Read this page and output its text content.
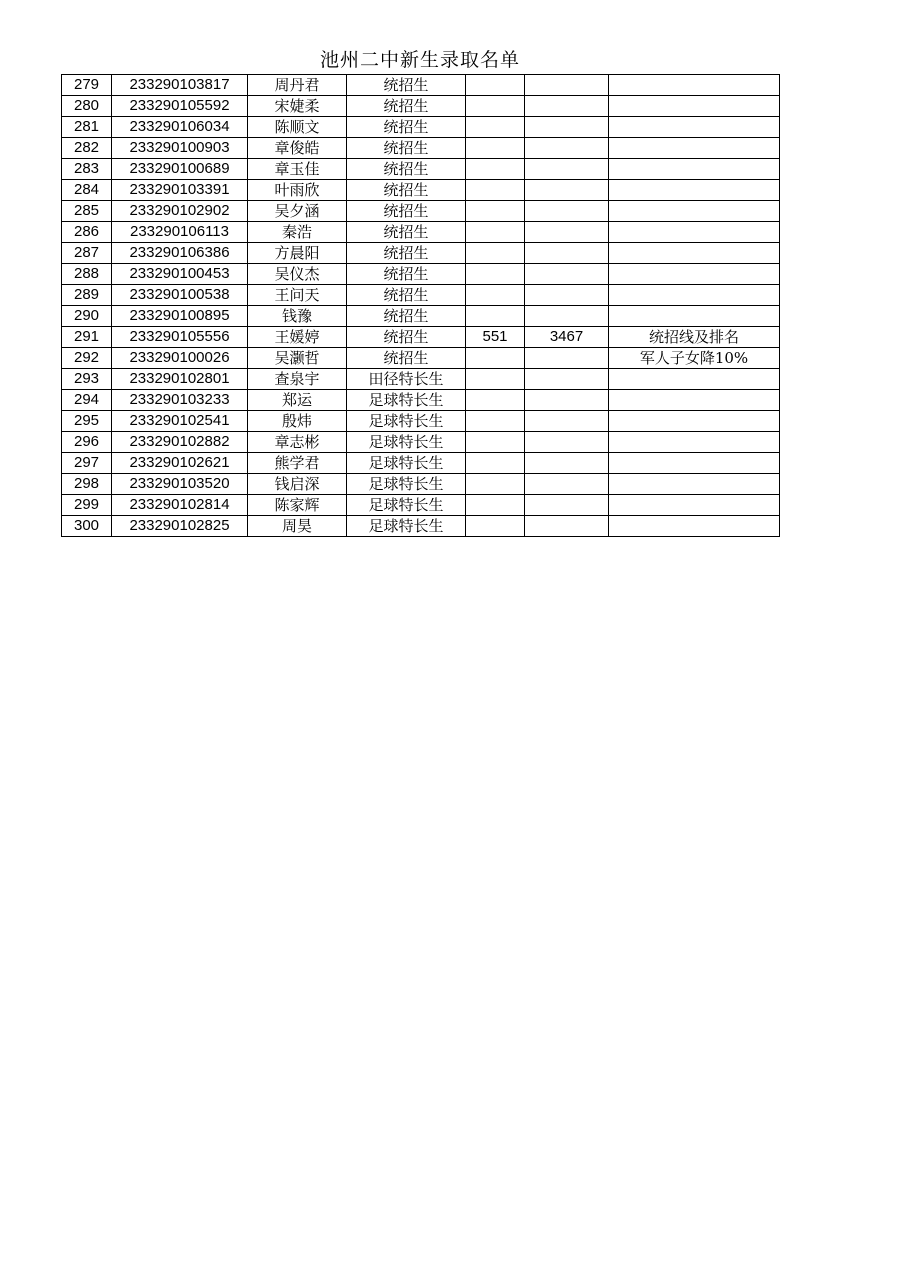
池州二中新生录取名单
279	233290103817	周丹君	统招生			
280	233290105592	宋婕柔	统招生			
281	233290106034	陈顺文	统招生			
282	233290100903	章俊皓	统招生			
283	233290100689	章玉佳	统招生			
284	233290103391	叶雨欣	统招生			
285	233290102902	吴夕涵	统招生			
286	233290106113	秦浩	统招生			
287	233290106386	方晨阳	统招生			
288	233290100453	吴仪杰	统招生			
289	233290100538	王问天	统招生			
290	233290100895	钱豫	统招生			
291	233290105556	王媛婷	统招生	551	3467	统招线及排名
292	233290100026	吴灏哲	统招生			军人子女降10%
293	233290102801	查泉宇	田径特长生			
294	233290103233	郑运	足球特长生			
295	233290102541	殷炜	足球特长生			
296	233290102882	章志彬	足球特长生			
297	233290102621	熊学君	足球特长生			
298	233290103520	钱启深	足球特长生			
299	233290102814	陈家辉	足球特长生			
300	233290102825	周昊	足球特长生			
